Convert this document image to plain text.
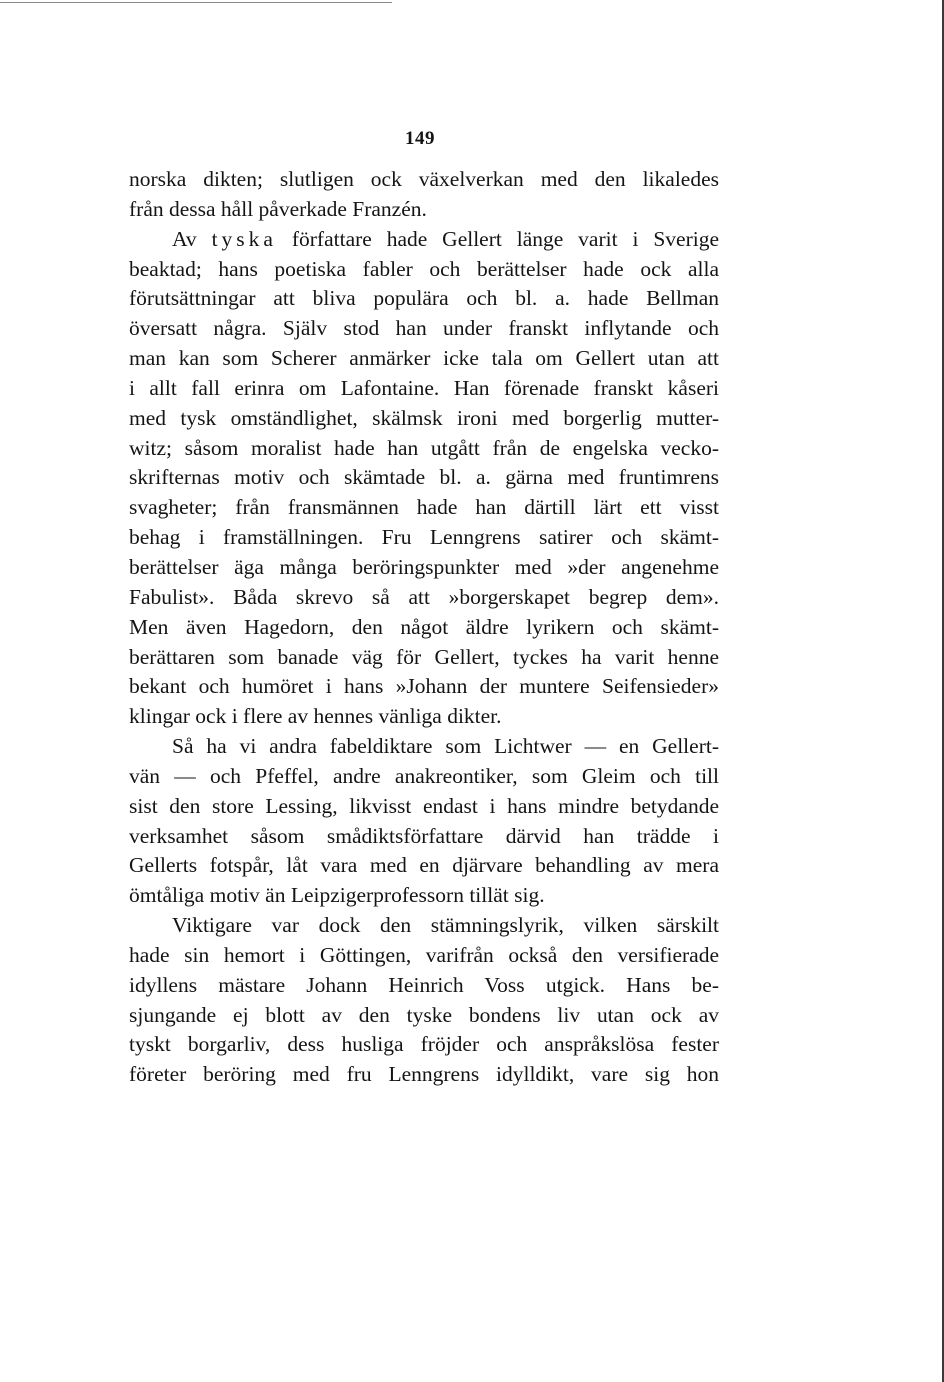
149
norska dikten; slutligen ock växelverkan med den likaledes
från dessa håll påverkade Franzén.
Av tyska författare hade Gellert länge varit i Sverige
beaktad; hans poetiska fabler och berättelser hade ock alla
förutsättningar att bliva populära och bl. a. hade Bellman
översatt några. Själv stod han under franskt inflytande och
man kan som Scherer anmärker icke tala om Gellert utan att
i allt fall erinra om Lafontaine. Han förenade franskt kåseri
med tysk omständlighet, skälmsk ironi med borgerlig mutter-
witz; såsom moralist hade han utgått från de engelska vecko-
skrifternas motiv och skämtade bl. a. gärna med fruntimrens
svagheter; från fransmännen hade han därtill lärt ett visst
behag i framställningen. Fru Lenngrens satirer och skämt-
berättelser äga många beröringspunkter med »der angenehme
Fabulist». Båda skrevo så att »borgerskapet begrep dem».
Men även Hagedorn, den något äldre lyrikern och skämt-
berättaren som banade väg för Gellert, tyckes ha varit henne
bekant och humöret i hans »Johann der muntere Seifensieder»
klingar ock i flere av hennes vänliga dikter.
Så ha vi andra fabeldiktare som Lichtwer — en Gellert-
vän — och Pfeffel, andre anakreontiker, som Gleim och till
sist den store Lessing, likvisst endast i hans mindre betydande
verksamhet såsom smådiktsförfattare därvid han trädde i
Gellerts fotspår, låt vara med en djärvare behandling av mera
ömtåliga motiv än Leipzigerprofessorn tillät sig.
Viktigare var dock den stämningslyrik, vilken särskilt
hade sin hemort i Göttingen, varifrån också den versifierade
idyllens mästare Johann Heinrich Voss utgick. Hans be-
sjungande ej blott av den tyske bondens liv utan ock av
tyskt borgarliv, dess husliga fröjder och anspråkslösa fester
företer beröring med fru Lenngrens idylldikt, vare sig hon
